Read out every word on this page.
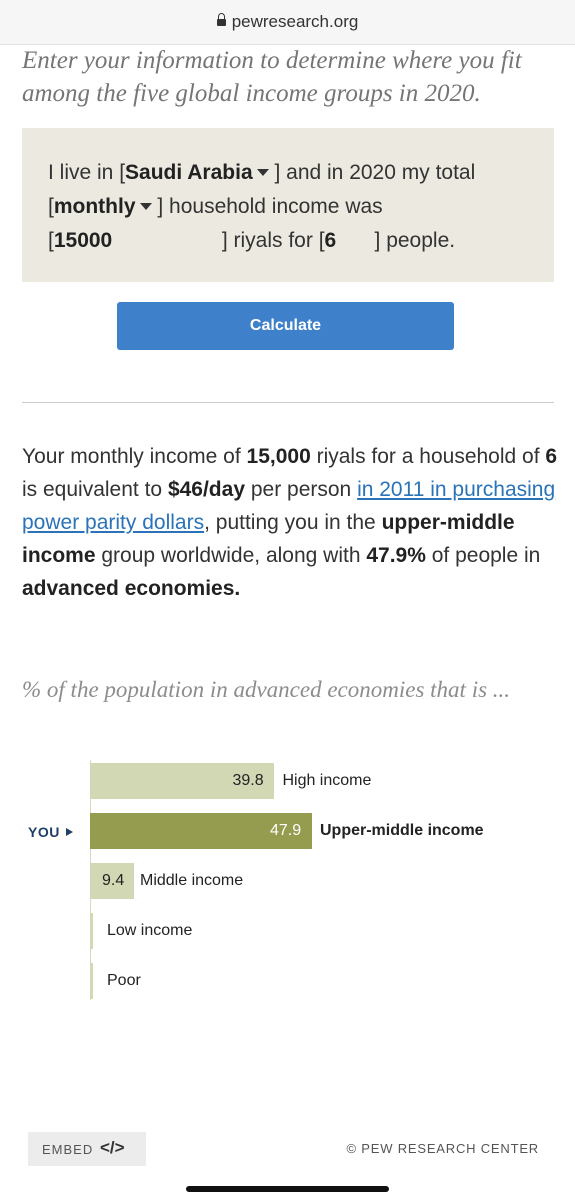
pewresearch.org
Enter your information to determine where you fit among the five global income groups in 2020.
I live in [Saudi Arabia ] and in 2020 my total
[monthly ] household income was
[15000	] riyals for [6 ] people.
Calculate
Your monthly income of 15,000 riyals for a household of 6 is equivalent to $46/day per person in 2011 in purchasing power parity dollars, putting you in the upper-middle income group worldwide, along with 47.9% of people in advanced economies.
% of the population in advanced economies that is ...
YOU
39.8 High income
47.9 Upper-middle income
9.4 Middle income
Low income
Poor
EMBED </>	© PEW RESEARCH CENTER
